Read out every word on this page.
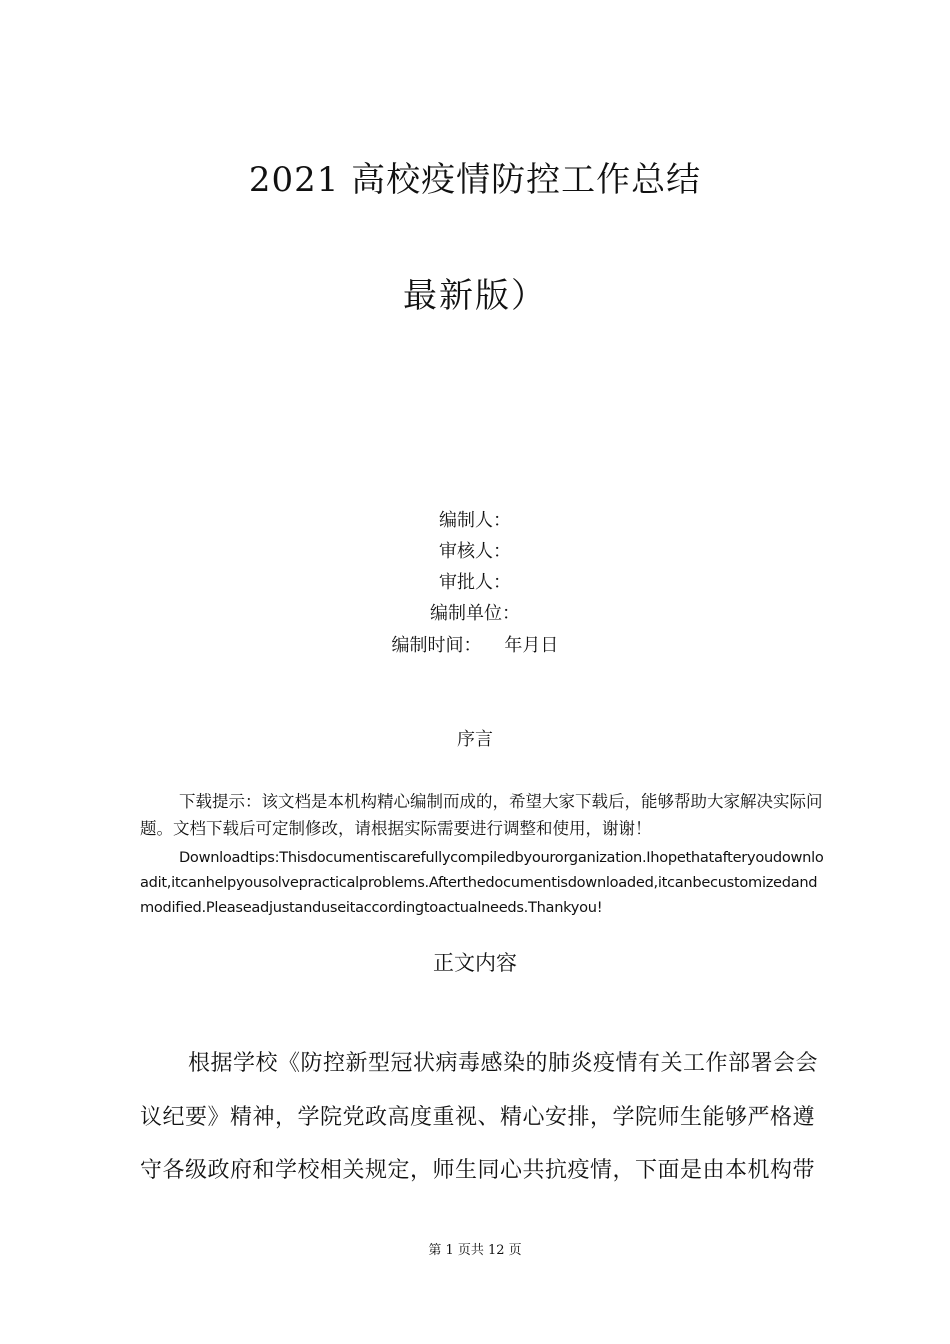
2021 高校疫情防控工作总结
最新版）
编制人：
审核人：
审批人：
编制单位：
编制时间：    年月日
序言
下载提示：该文档是本机构精心编制而成的，希望大家下载后，能够帮助大家解决实际问题。文档下载后可定制修改，请根据实际需要进行调整和使用，谢谢！
Downloadtips:Thisdocumentiscarefullycompiledbyourorganization.Ihopethatafteryoudownloadit,itcanhelpyousolvepracticalproblems.Afterthedocumentisdownloaded,itcanbecustomizedandmodified.Pleaseadjustanduseitaccordingtoactualneeds.Thankyou!
正文内容
根据学校《防控新型冠状病毒感染的肺炎疫情有关工作部署会会议纪要》精神，学院党政高度重视、精心安排，学院师生能够严格遵守各级政府和学校相关规定，师生同心共抗疫情，下面是由本机构带
第 1 页共 12 页
